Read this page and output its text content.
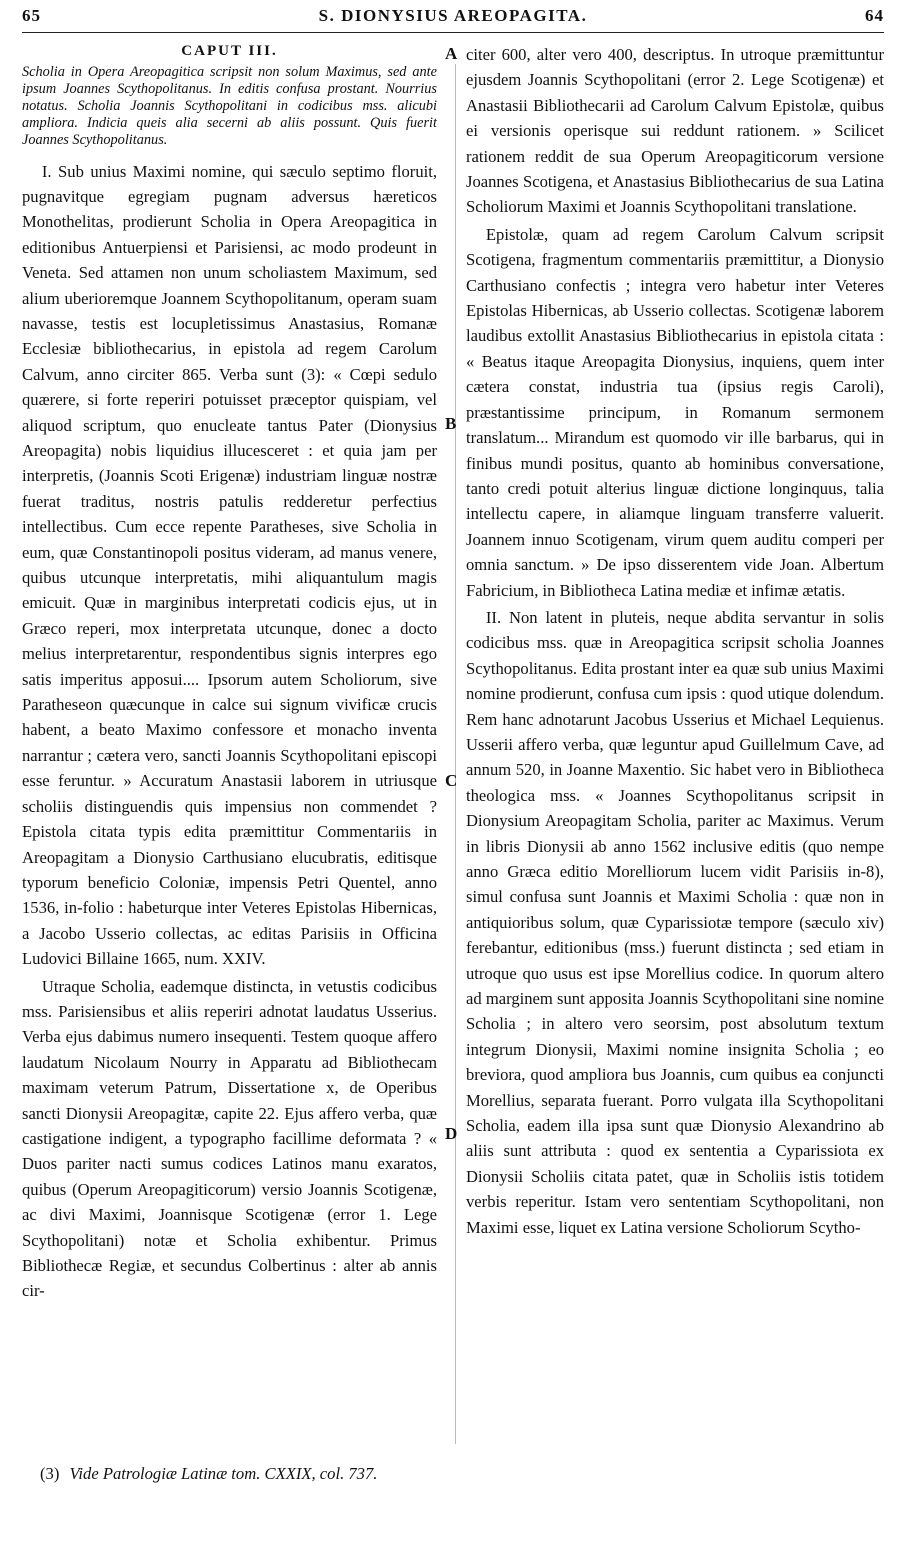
65	S. DIONYSIUS AREOPAGITA.	64
CAPUT III.
Scholia in Opera Areopagitica scripsit non solum Maximus, sed ante ipsum Joannes Scythopolitanus. In editis confusa prostant. Nourrius notatus. Scholia Joannis Scythopolitani in codicibus mss. alicubi ampliora. Indicia queis alia secerni ab aliis possunt. Quis fuerit Joannes Scythopolitanus.

I. Sub unius Maximi nomine, qui sæculo septimo floruit, pugnavitque egregiam pugnam adversus hæreticos Monothelitas, prodierunt Scholia in Opera Areopagitica in editionibus Antuerpiensi et Parisiensi, ac modo prodeunt in Veneta. Sed attamen non unum scholiastem Maximum, sed alium uberioremque Joannem Scythopolitanum, operam suam navasse, testis est locupletissimus Anastasius, Romanæ Ecclesiæ bibliothecarius, in epistola ad regem Carolum Calvum, anno circiter 865. Verba sunt (3): « Cœpi sedulo quærere, si forte reperiri potuisset præceptor quispiam, vel aliquod scriptum, quo enucleate tantus Pater (Dionysius Areopagita) nobis liquidius illucesceret : et quia jam per interpretis, (Joannis Scoti Erigenæ) industriam linguæ nostræ fuerat traditus, nostris patulis redderetur perfectius intellectibus. Cum ecce repente Paratheses, sive Scholia in eum, quæ Constantinopoli positus videram, ad manus venere, quibus utcunque interpretatis, mihi aliquantulum magis emicuit. Quæ in marginibus interpretati codicis ejus, ut in Græco reperi, mox interpretata utcunque, donec a docto melius interpretarentur, respondentibus signis interpres ego satis imperitus apposui.... Ipsorum autem Scholiorum, sive Paratheseon quæcunque in calce sui signum vivificæ crucis habent, a beato Maximo confessore et monacho inventa narrantur ; cætera vero, sancti Joannis Scythopolitani episcopi esse feruntur. » Accuratum Anastasii laborem in utriusque scholiis distinguendis quis impensius non commendet ? Epistola citata typis edita præmittitur Commentariis in Areopagitam a Dionysio Carthusiano elucubratis, editisque typorum beneficio Coloniæ, impensis Petri Quentel, anno 1536, in-folio : habeturque inter Veteres Epistolas Hibernicas, a Jacobo Usserio collectas, ac editas Parisiis in Officina Ludovici Billaine 1665, num. XXIV.

Utraque Scholia, eademque distincta, in vetustis codicibus mss. Parisiensibus et aliis reperiri adnotat laudatus Usserius. Verba ejus dabimus numero insequenti. Testem quoque affero laudatum Nicolaum Nourry in Apparatu ad Bibliothecam maximam veterum Patrum, Dissertatione x, de Operibus sancti Dionysii Areopagitæ, capite 22. Ejus affero verba, quæ castigatione indigent, a typographo facillime deformata ? « Duos pariter nacti sumus codices Latinos manu exaratos, quibus (Operum Areopagiticorum) versio Joannis Scotigenæ, ac divi Maximi, Joannisque Scotigenæ (error 1. Lege Scythopolitani) notæ et Scholia exhibentur. Primus Bibliothecæ Regiæ, et secundus Colbertinus : alter ab annis cir-

A
B
C
D

citer 600, alter vero 400, descriptus. In utroque præmittuntur ejusdem Joannis Scythopolitani (error 2. Lege Scotigenæ) et Anastasii Bibliothecarii ad Carolum Calvum Epistolæ, quibus ei versionis operisque sui reddunt rationem. » Scilicet rationem reddit de sua Operum Areopagiticorum versione Joannes Scotigena, et Anastasius Bibliothecarius de sua Latina Scholiorum Maximi et Joannis Scythopolitani translatione.

Epistolæ, quam ad regem Carolum Calvum scripsit Scotigena, fragmentum commentariis præmittitur, a Dionysio Carthusiano confectis ; integra vero habetur inter Veteres Epistolas Hibernicas, ab Usserio collectas. Scotigenæ laborem laudibus extollit Anastasius Bibliothecarius in epistola citata : « Beatus itaque Areopagita Dionysius, inquiens, quem inter cætera constat, industria tua (ipsius regis Caroli), præstantissime principum, in Romanum sermonem translatum... Mirandum est quomodo vir ille barbarus, qui in finibus mundi positus, quanto ab hominibus conversatione, tanto credi potuit alterius linguæ dictione longinquus, talia intellectu capere, in aliamque linguam transferre valuerit. Joannem innuo Scotigenam, virum quem auditu comperi per omnia sanctum. » De ipso disserentem vide Joan. Albertum Fabricium, in Bibliotheca Latina mediæ et infimæ ætatis.

II. Non latent in pluteis, neque abdita servantur in solis codicibus mss. quæ in Areopagitica scripsit scholia Joannes Scythopolitanus. Edita prostant inter ea quæ sub unius Maximi nomine prodierunt, confusa cum ipsis : quod utique dolendum. Rem hanc adnotarunt Jacobus Usserius et Michael Lequienus. Usserii affero verba, quæ leguntur apud Guillelmum Cave, ad annum 520, in Joanne Maxentio. Sic habet vero in Bibliotheca theologica mss. « Joannes Scythopolitanus scripsit in Dionysium Areopagitam Scholia, pariter ac Maximus. Verum in libris Dionysii ab anno 1562 inclusive editis (quo nempe anno Græca editio Morelliorum lucem vidit Parisiis in-8), simul confusa sunt Joannis et Maximi Scholia : quæ non in antiquioribus solum, quæ Cyparissiotæ tempore (sæculo xiv) ferebantur, editionibus (mss.) fuerunt distincta ; sed etiam in utroque quo usus est ipse Morellius codice. In quorum altero ad marginem sunt apposita Joannis Scythopolitani sine nomine Scholia ; in altero vero seorsim, post absolutum textum integrum Dionysii, Maximi nomine insignita Scholia ; eo breviora, quod ampliora bus Joannis, cum quibus ea conjuncti Morellius, separata fuerant. Porro vulgata illa Scythopolitani Scholia, eadem illa ipsa sunt quæ Dionysio Alexandrino ab aliis sunt attributa : quod ex sententia a Cyparissiota ex Dionysii Scholiis citata patet, quæ in Scholiis istis totidem verbis reperitur. Istam vero sententiam Scythopolitani, non Maximi esse, liquet ex Latina versione Scholiorum Scytho-

(3) Vide Patrologiæ Latinæ tom. CXXIX, col. 737.
